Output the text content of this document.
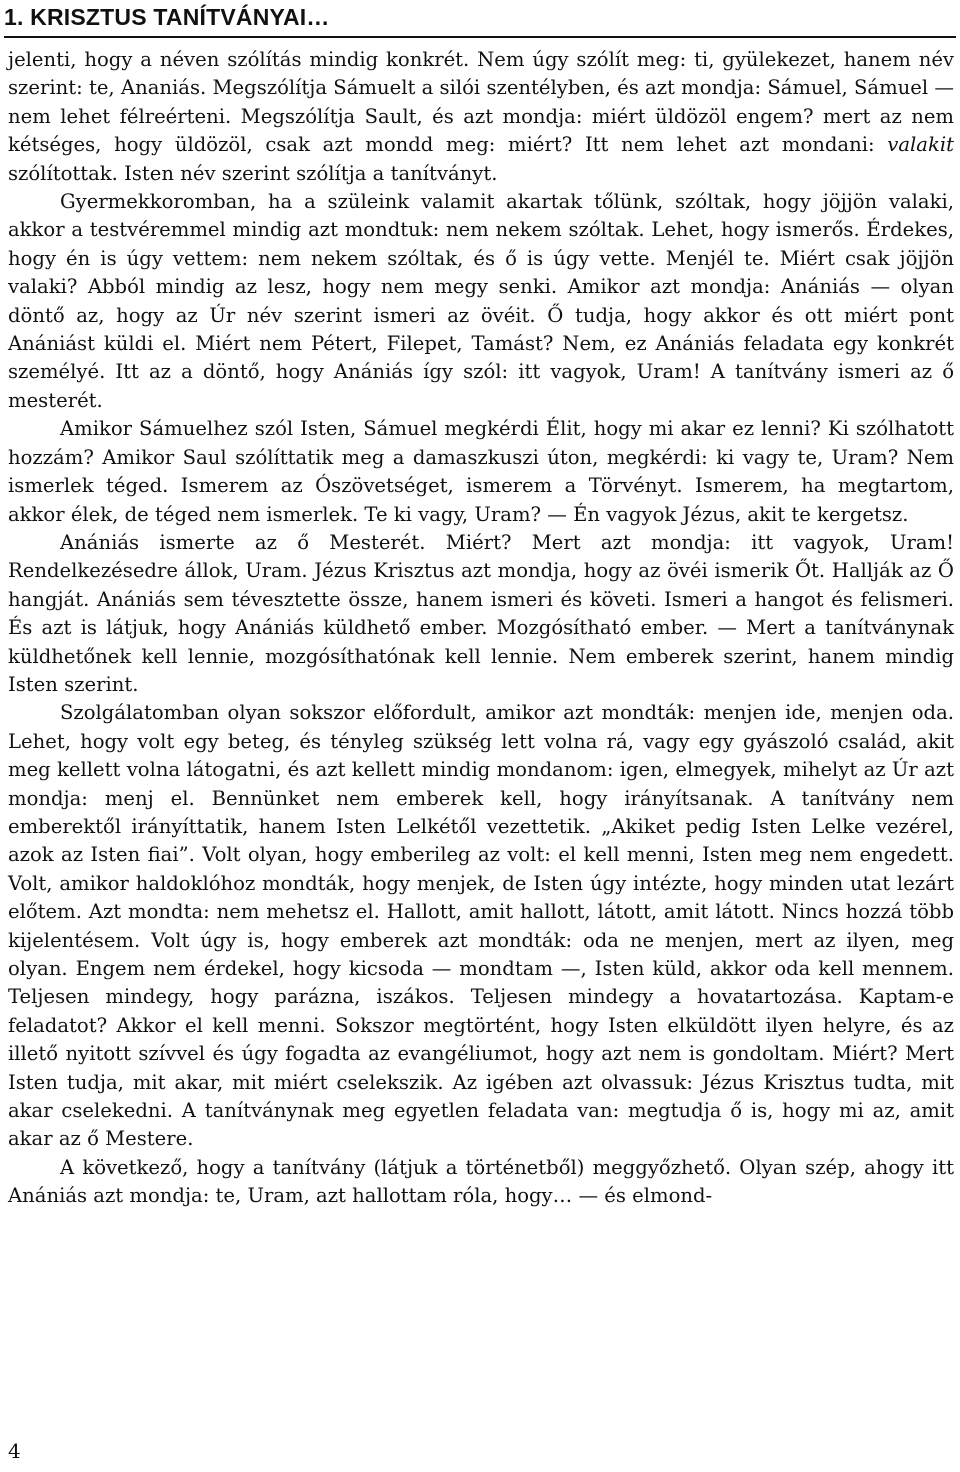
1. KRISZTUS TANÍTVÁNYAI…

jelenti, hogy a néven szólítás mindig konkrét. Nem úgy szólít meg: ti, gyülekezet, hanem név szerint: te, Ananiás. Megszólítja Sámuelt a silói szentélyben, és azt mondja: Sámuel, Sámuel — nem lehet félreérteni. Megszólítja Sault, és azt mondja: miért üldözöl engem? mert az nem kétséges, hogy üldözöl, csak azt mondd meg: miért? Itt nem lehet azt mondani: valakit szólítottak. Isten név szerint szólítja a tanítványt.

Gyermekkoromban, ha a szüleink valamit akartak tőlünk, szóltak, hogy jöjjön valaki, akkor a testvéremmel mindig azt mondtuk: nem nekem szóltak. Lehet, hogy ismerős. Érdekes, hogy én is úgy vettem: nem nekem szóltak, és ő is úgy vette. Menjél te. Miért csak jöjjön valaki? Abból mindig az lesz, hogy nem megy senki. Amikor azt mondja: Anániás — olyan döntő az, hogy az Úr név szerint ismeri az övéit. Ő tudja, hogy akkor és ott miért pont Anániást küldi el. Miért nem Pétert, Filepet, Tamást? Nem, ez Anániás feladata egy konkrét személyé. Itt az a döntő, hogy Anániás így szól: itt vagyok, Uram! A tanítvány ismeri az ő mesterét.

Amikor Sámuelhez szól Isten, Sámuel megkérdi Élit, hogy mi akar ez lenni? Ki szólhatott hozzám? Amikor Saul szólíttatik meg a damaszkuszi úton, megkérdi: ki vagy te, Uram? Nem ismerlek téged. Ismerem az Ószövetséget, ismerem a Törvényt. Ismerem, ha megtartom, akkor élek, de téged nem ismerlek. Te ki vagy, Uram? — Én vagyok Jézus, akit te kergetsz.

Anániás ismerte az ő Mesterét. Miért? Mert azt mondja: itt vagyok, Uram! Rendelkezésedre állok, Uram. Jézus Krisztus azt mondja, hogy az övéi ismerik Őt. Hallják az Ő hangját. Anániás sem tévesztette össze, hanem ismeri és követi. Ismeri a hangot és felismeri. És azt is látjuk, hogy Anániás küldhető ember. Mozgósítható ember. — Mert a tanítványnak küldhetőnek kell lennie, mozgósíthatónak kell lennie. Nem emberek szerint, hanem mindig Isten szerint.

Szolgálatomban olyan sokszor előfordult, amikor azt mondták: menjen ide, menjen oda. Lehet, hogy volt egy beteg, és tényleg szükség lett volna rá, vagy egy gyászoló család, akit meg kellett volna látogatni, és azt kellett mindig mondanom: igen, elmegyek, mihelyt az Úr azt mondja: menj el. Bennünket nem emberek kell, hogy irányítsanak. A tanítvány nem emberektől irányíttatik, hanem Isten Lelkétől vezettetik. „Akiket pedig Isten Lelke vezérel, azok az Isten fiai”. Volt olyan, hogy emberileg az volt: el kell menni, Isten meg nem engedett. Volt, amikor haldoklóhoz mondták, hogy menjek, de Isten úgy intézte, hogy minden utat lezárt előtem. Azt mondta: nem mehetsz el. Hallott, amit hallott, látott, amit látott. Nincs hozzá több kijelentésem. Volt úgy is, hogy emberek azt mondták: oda ne menjen, mert az ilyen, meg olyan. Engem nem érdekel, hogy kicsoda — mondtam —, Isten küld, akkor oda kell mennem. Teljesen mindegy, hogy parázna, iszákos. Teljesen mindegy a hovatartozása. Kaptam-e feladatot? Akkor el kell menni. Sokszor megtörtént, hogy Isten elküldött ilyen helyre, és az illető nyitott szívvel és úgy fogadta az evangéliumot, hogy azt nem is gondoltam. Miért? Mert Isten tudja, mit akar, mit miért cselekszik. Az igében azt olvassuk: Jézus Krisztus tudta, mit akar cselekedni. A tanítványnak meg egyetlen feladata van: megtudja ő is, hogy mi az, amit akar az ő Mestere.

A következő, hogy a tanítvány (látjuk a történetből) meggyőzhető. Olyan szép, ahogy itt Anániás azt mondja: te, Uram, azt hallottam róla, hogy… — és elmond-

4
